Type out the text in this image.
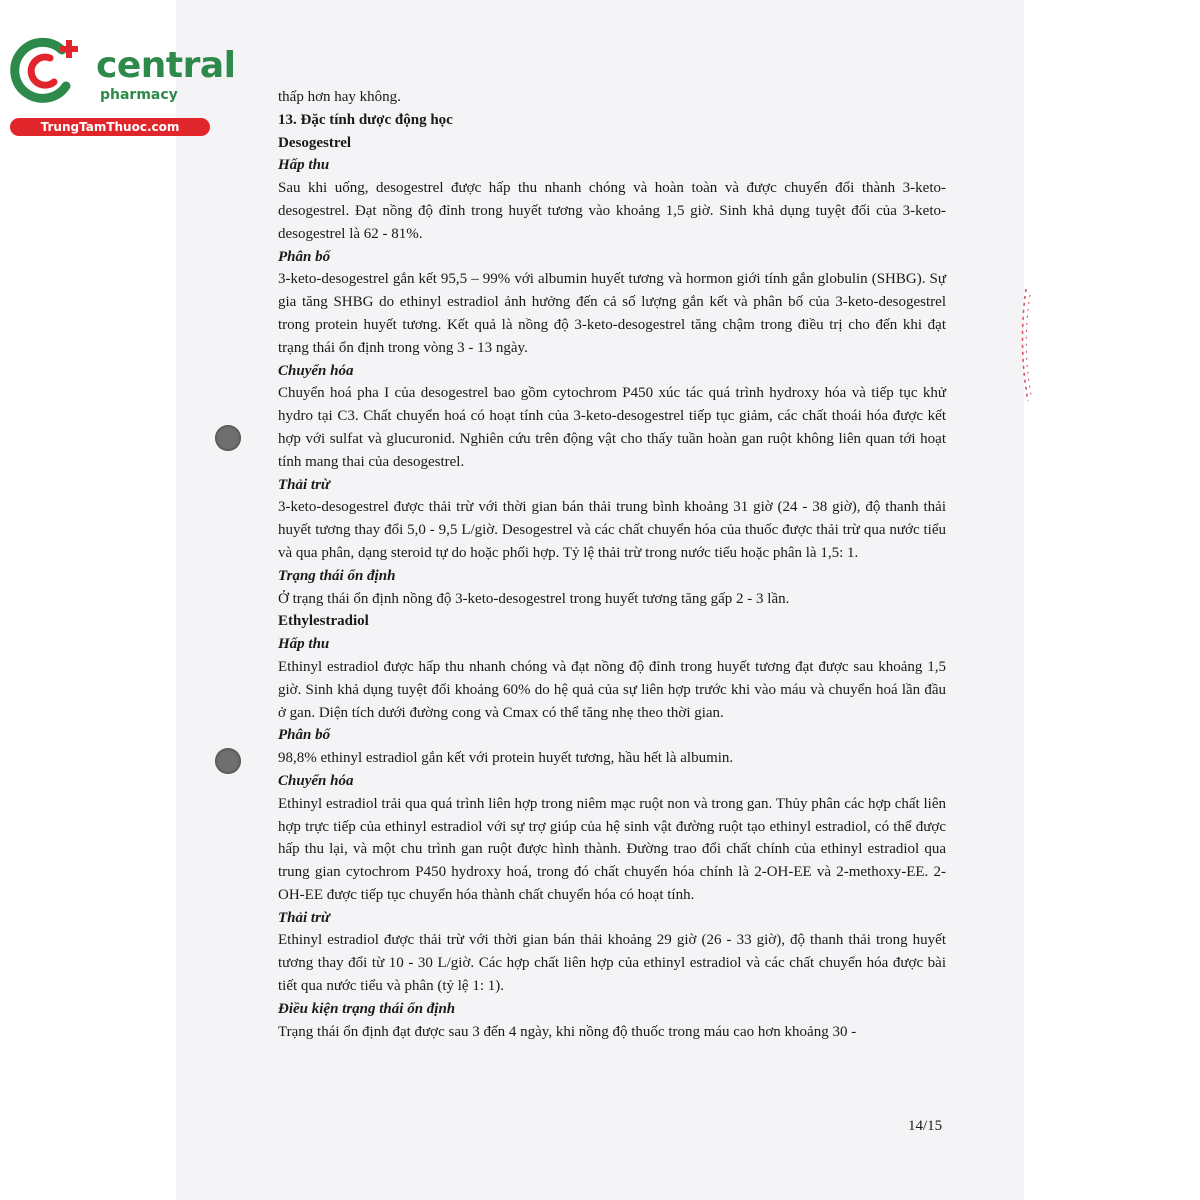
central
pharmacy
TrungTamThuoc.com

thấp hơn hay không.

13. Đặc tính dược động học

Desogestrel

Hấp thu

Sau khi uống, desogestrel được hấp thu nhanh chóng và hoàn toàn và được chuyển đổi thành 3-keto-desogestrel. Đạt nồng độ đỉnh trong huyết tương vào khoảng 1,5 giờ. Sinh khả dụng tuyệt đối của 3-keto-desogestrel là 62 - 81%.

Phân bố

3-keto-desogestrel gắn kết 95,5 – 99% với albumin huyết tương và hormon giới tính gắn globulin (SHBG). Sự gia tăng SHBG do ethinyl estradiol ảnh hưởng đến cả số lượng gắn kết và phân bố của 3-keto-desogestrel trong protein huyết tương. Kết quả là nồng độ 3-keto-desogestrel tăng chậm trong điều trị cho đến khi đạt trạng thái ổn định trong vòng 3 - 13 ngày.

Chuyển hóa

Chuyển hoá pha I của desogestrel bao gồm cytochrom P450 xúc tác quá trình hydroxy hóa và tiếp tục khử hydro tại C3. Chất chuyển hoá có hoạt tính của 3-keto-desogestrel tiếp tục giảm, các chất thoái hóa được kết hợp với sulfat và glucuronid. Nghiên cứu trên động vật cho thấy tuần hoàn gan ruột không liên quan tới hoạt tính mang thai của desogestrel.

Thải trừ

3-keto-desogestrel được thải trừ với thời gian bán thải trung bình khoảng 31 giờ (24 - 38 giờ), độ thanh thải huyết tương thay đổi 5,0 - 9,5 L/giờ. Desogestrel và các chất chuyển hóa của thuốc được thải trừ qua nước tiểu và qua phân, dạng steroid tự do hoặc phối hợp. Tỷ lệ thải trừ trong nước tiểu hoặc phân là 1,5: 1.

Trạng thái ổn định

Ở trạng thái ổn định nồng độ 3-keto-desogestrel trong huyết tương tăng gấp 2 - 3 lần.

Ethylestradiol

Hấp thu

Ethinyl estradiol được hấp thu nhanh chóng và đạt nồng độ đỉnh trong huyết tương đạt được sau khoảng 1,5 giờ. Sinh khả dụng tuyệt đối khoảng 60% do hệ quả của sự liên hợp trước khi vào máu và chuyển hoá lần đầu ở gan. Diện tích dưới đường cong và Cmax có thể tăng nhẹ theo thời gian.

Phân bố

98,8% ethinyl estradiol gắn kết với protein huyết tương, hầu hết là albumin.

Chuyển hóa

Ethinyl estradiol trải qua quá trình liên hợp trong niêm mạc ruột non và trong gan. Thủy phân các hợp chất liên hợp trực tiếp của ethinyl estradiol với sự trợ giúp của hệ sinh vật đường ruột tạo ethinyl estradiol, có thể được hấp thu lại, và một chu trình gan ruột được hình thành. Đường trao đổi chất chính của ethinyl estradiol qua trung gian cytochrom P450 hydroxy hoá, trong đó chất chuyển hóa chính là 2-OH-EE và 2-methoxy-EE. 2-OH-EE được tiếp tục chuyển hóa thành chất chuyển hóa có hoạt tính.

Thải trừ

Ethinyl estradiol được thải trừ với thời gian bán thải khoảng 29 giờ (26 - 33 giờ), độ thanh thải trong huyết tương thay đổi từ 10 - 30 L/giờ. Các hợp chất liên hợp của ethinyl estradiol và các chất chuyển hóa được bài tiết qua nước tiểu và phân (tỷ lệ 1: 1).

Điều kiện trạng thái ổn định

Trạng thái ổn định đạt được sau 3 đến 4 ngày, khi nồng độ thuốc trong máu cao hơn khoảng 30 -

14/15
